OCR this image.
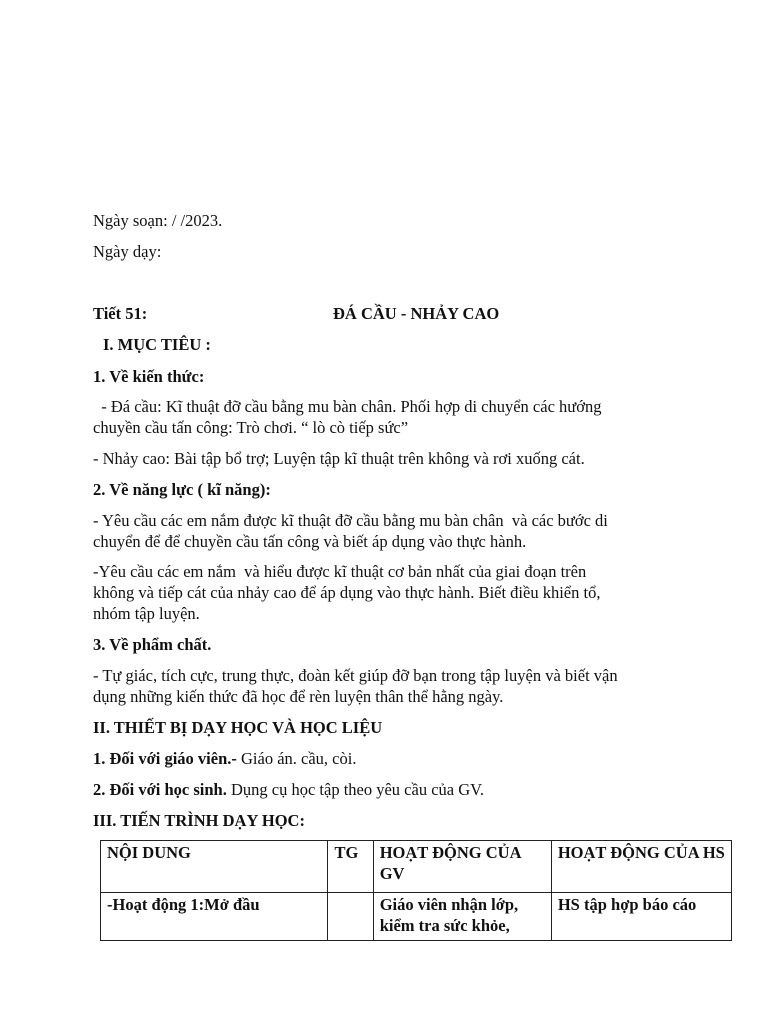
Ngày soạn: / /2023.
Ngày dạy:
Tiết 51:	ĐÁ CẦU - NHẢY CAO
I. MỤC TIÊU :
1. Về kiến thức:
- Đá cầu: Kĩ thuật đỡ cầu bằng mu bàn chân. Phối hợp di chuyển các hướng
chuyền cầu tấn công: Trò chơi. “ lò cò tiếp sức”
- Nhảy cao: Bài tập bổ trợ; Luyện tập kĩ thuật trên không và rơi xuống cát.
2. Về năng lực ( kĩ năng):
- Yêu cầu các em nắm được kĩ thuật đỡ cầu bằng mu bàn chân  và các bước di
chuyển để để chuyền cầu tấn công và biết áp dụng vào thực hành.
-Yêu cầu các em nắm  và hiểu được kĩ thuật cơ bản nhất của giai đoạn trên
không và tiếp cát của nhảy cao để áp dụng vào thực hành. Biết điều khiển tổ,
nhóm tập luyện.
3. Về phẩm chất.
- Tự giác, tích cực, trung thực, đoàn kết giúp đỡ bạn trong tập luyện và biết vận
dụng những kiến thức đã học để rèn luyện thân thể hằng ngày.
II. THIẾT BỊ DẠY HỌC VÀ HỌC LIỆU
1. Đối với giáo viên.- Giáo án. cầu, còi.
2. Đối với học sinh. Dụng cụ học tập theo yêu cầu của GV.
III. TIẾN TRÌNH DẠY HỌC:
NỘI DUNG	TG	HOẠT ĐỘNG CỦA GV	HOẠT ĐỘNG CỦA HS
-Hoạt động 1:Mở đầu		Giáo viên nhận lớp, kiểm tra sức khỏe,	HS tập hợp báo cáo
